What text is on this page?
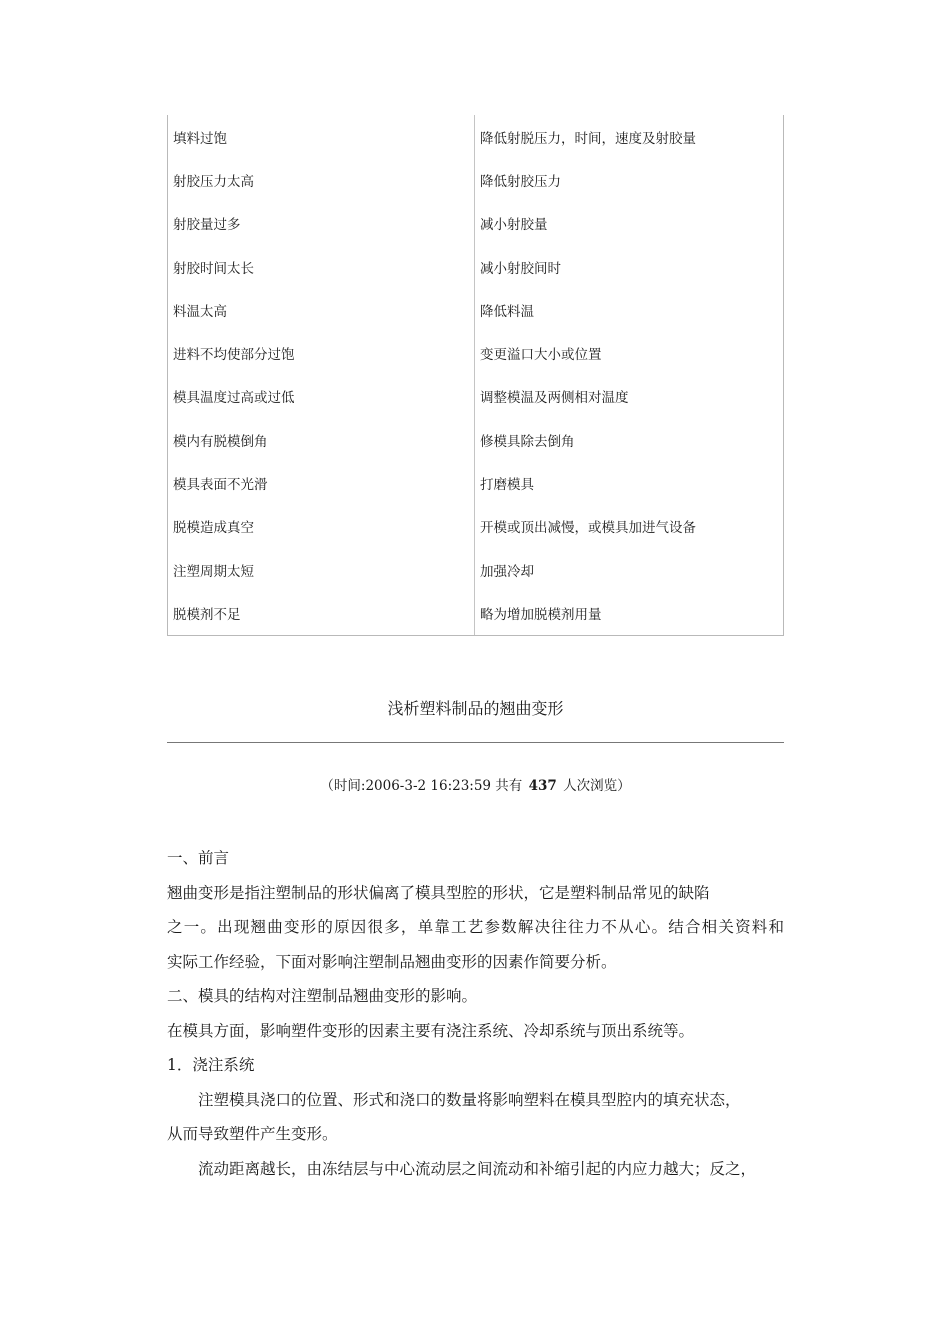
填料过饱	降低射脱压力，时间，速度及射胶量
射胶压力太高	降低射胶压力
射胶量过多	减小射胶量
射胶时间太长	减小射胶间时
料温太高	降低料温
进料不均使部分过饱	变更溢口大小或位置
模具温度过高或过低	调整模温及两侧相对温度
模内有脱模倒角	修模具除去倒角
模具表面不光滑	打磨模具
脱模造成真空	开模或顶出减慢，或模具加进气设备
注塑周期太短	加强冷却
脱模剂不足	略为增加脱模剂用量
浅析塑料制品的翘曲变形
（时间:2006-3-2 16:23:59 共有 437 人次浏览）
一、前言
翘曲变形是指注塑制品的形状偏离了模具型腔的形状，它是塑料制品常见的缺陷
之一。出现翘曲变形的原因很多，单靠工艺参数解决往往力不从心。结合相关资料和
实际工作经验，下面对影响注塑制品翘曲变形的因素作简要分析。
二、模具的结构对注塑制品翘曲变形的影响。
在模具方面，影响塑件变形的因素主要有浇注系统、冷却系统与顶出系统等。
1．浇注系统
注塑模具浇口的位置、形式和浇口的数量将影响塑料在模具型腔内的填充状态，
从而导致塑件产生变形。
流动距离越长，由冻结层与中心流动层之间流动和补缩引起的内应力越大；反之，
